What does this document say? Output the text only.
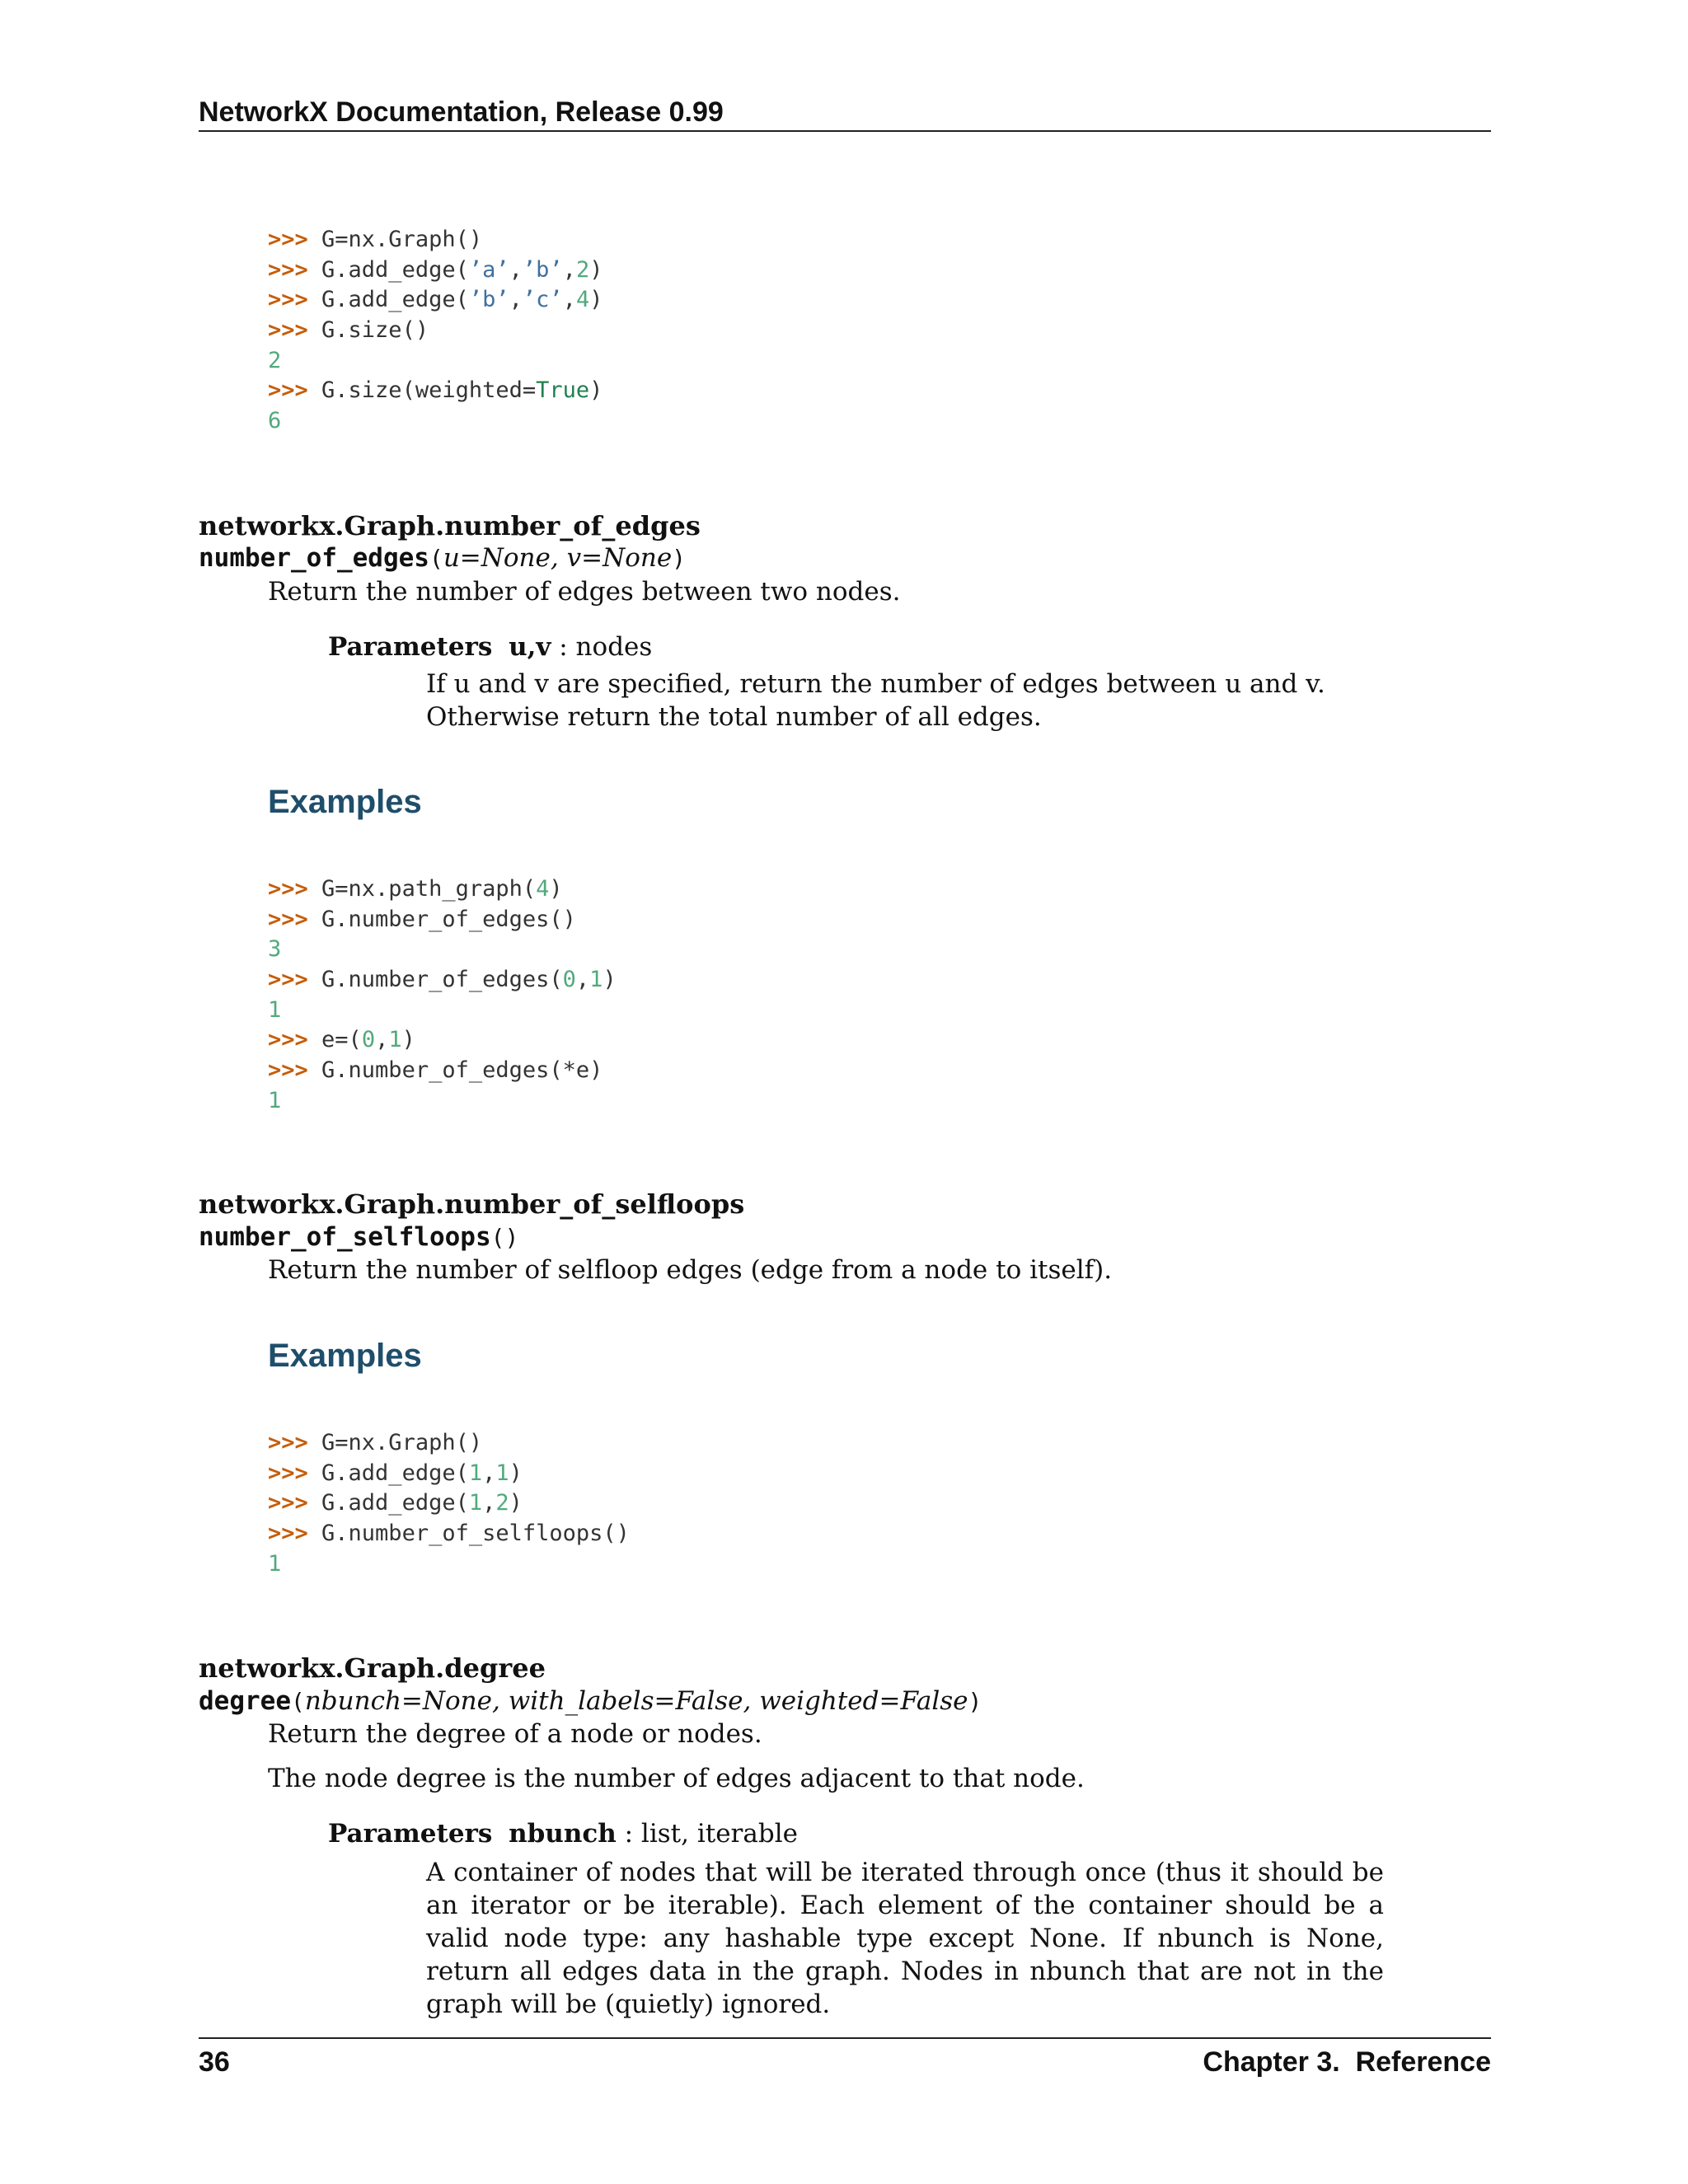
NetworkX Documentation, Release 0.99
>>> G=nx.Graph()
>>> G.add_edge(’a’,’b’,2)
>>> G.add_edge(’b’,’c’,4)
>>> G.size()
2
>>> G.size(weighted=True)
6
networkx.Graph.number_of_edges
number_of_edges(u=None, v=None)
Return the number of edges between two nodes.
Parameters u,v : nodes
If u and v are specified, return the number of edges between u and v. Otherwise return the total number of all edges.
Examples
>>> G=nx.path_graph(4)
>>> G.number_of_edges()
3
>>> G.number_of_edges(0,1)
1
>>> e=(0,1)
>>> G.number_of_edges(*e)
1
networkx.Graph.number_of_selfloops
number_of_selfloops()
Return the number of selfloop edges (edge from a node to itself).
Examples
>>> G=nx.Graph()
>>> G.add_edge(1,1)
>>> G.add_edge(1,2)
>>> G.number_of_selfloops()
1
networkx.Graph.degree
degree(nbunch=None, with_labels=False, weighted=False)
Return the degree of a node or nodes.
The node degree is the number of edges adjacent to that node.
Parameters nbunch : list, iterable
A container of nodes that will be iterated through once (thus it should be an iterator or be iterable). Each element of the container should be a valid node type: any hashable type except None. If nbunch is None, return all edges data in the graph. Nodes in nbunch that are not in the graph will be (quietly) ignored.
36	Chapter 3.  Reference
